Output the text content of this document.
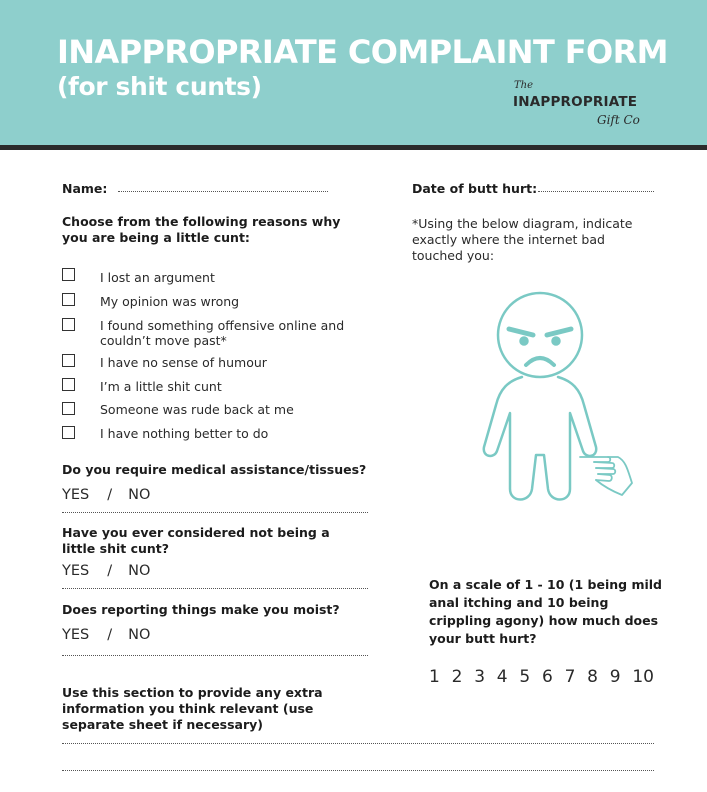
INAPPROPRIATE COMPLAINT FORM
(for shit cunts)	The
INAPPROPRIATE
Gift Co
Name:	Date of butt hurt:
Choose from the following reasons why you are being a little cunt:
I lost an argument
My opinion was wrong
I found something offensive online and couldn’t move past*
I have no sense of humour
I’m a little shit cunt
Someone was rude back at me
I have nothing better to do
Do you require medical assistance/tissues?
YES / NO
Have you ever considered not being a little shit cunt?
YES / NO
Does reporting things make you moist?
YES / NO
Use this section to provide any extra information you think relevant (use separate sheet if necessary)
*Using the below diagram, indicate exactly where the internet bad touched you:
On a scale of 1 - 10 (1 being mild anal itching and 10 being crippling agony) how much does your butt hurt?
1 2 3 4 5 6 7 8 9 10
